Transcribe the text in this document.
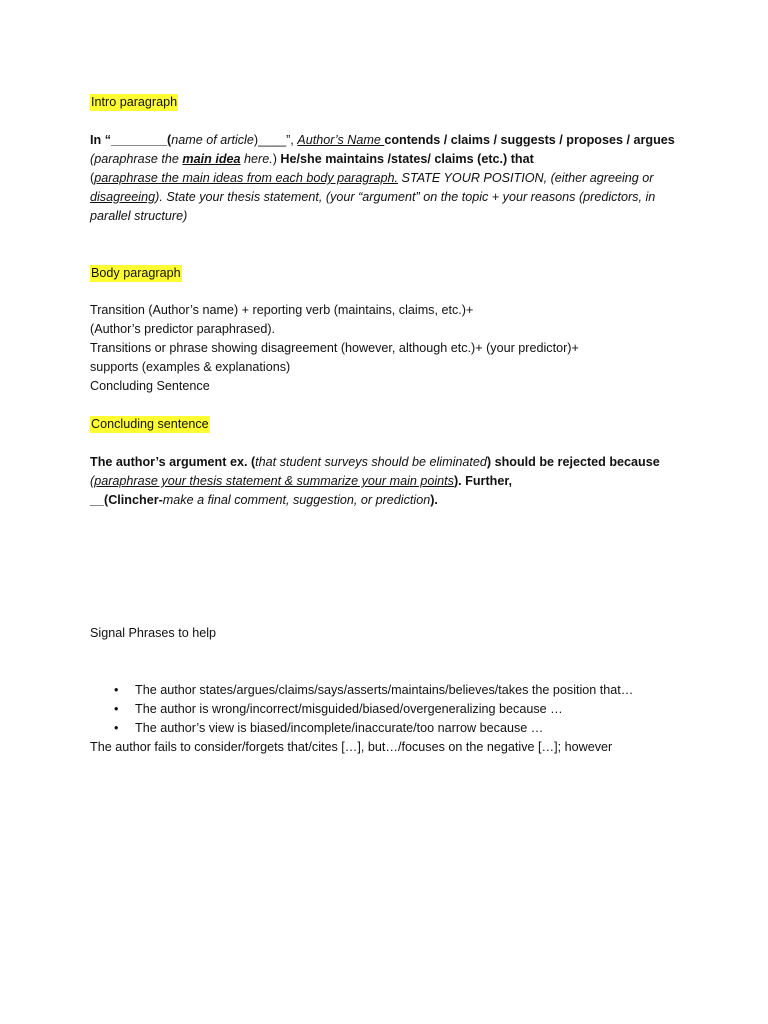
Intro paragraph
In “________(name of article)____”, Author’s Name contends / claims / suggests / proposes / argues (paraphrase the main idea here.) He/she maintains /states/ claims (etc.) that
(paraphrase the main ideas from each body paragraph. STATE YOUR POSITION, (either agreeing or disagreeing). State your thesis statement, (your “argument” on the topic + your reasons (predictors, in parallel structure)
Body paragraph
Transition (Author’s name) + reporting verb (maintains, claims, etc.)+
(Author’s predictor paraphrased).
Transitions or phrase showing disagreement (however, although etc.)+ (your predictor)+
supports (examples & explanations)
Concluding Sentence
Concluding sentence
The author’s argument ex. (that student surveys should be eliminated) should be rejected because (paraphrase your thesis statement & summarize your main points). Further,
__(Clincher-make a final comment, suggestion, or prediction).
Signal Phrases to help
• The author states/argues/claims/says/asserts/maintains/believes/takes the position that…
• The author is wrong/incorrect/misguided/biased/overgeneralizing because …
• The author’s view is biased/incomplete/inaccurate/too narrow because …
The author fails to consider/forgets that/cites […], but…/focuses on the negative […]; however
